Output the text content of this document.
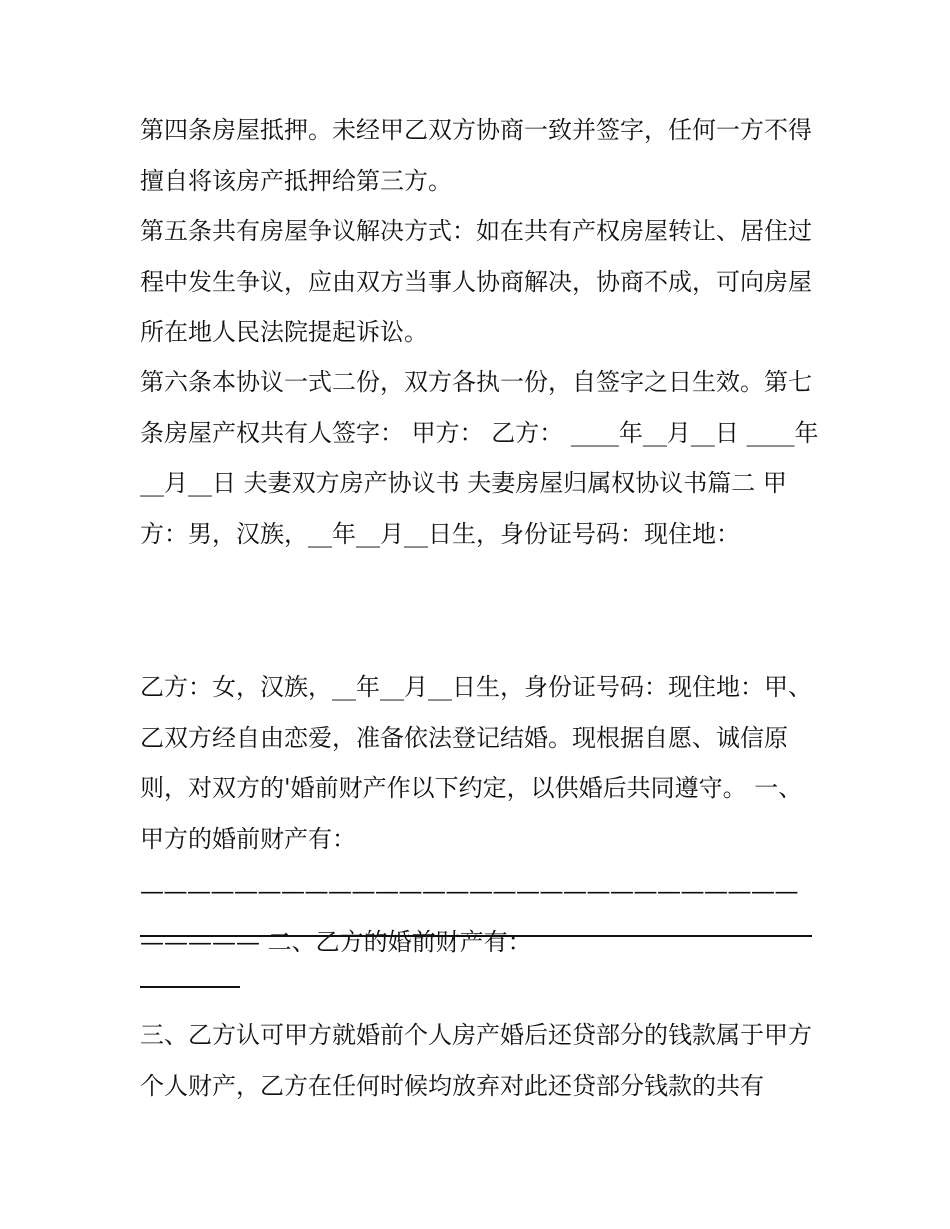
第四条房屋抵押。未经甲乙双方协商一致并签字，任何一方不得擅自将该房产抵押给第三方。

第五条共有房屋争议解决方式：如在共有产权房屋转让、居住过程中发生争议，应由双方当事人协商解决，协商不成，可向房屋所在地人民法院提起诉讼。

第六条本协议一式二份，双方各执一份，自签字之日生效。第七条房屋产权共有人签字： 甲方： 乙方： ____年__月__日 ____年__月__日 夫妻双方房产协议书 夫妻房屋归属权协议书篇二 甲方：男，汉族，__年__月__日生，身份证号码：现住地：

乙方：女，汉族，__年__月__日生，身份证号码：现住地：甲、乙双方经自由恋爱，准备依法登记结婚。现根据自愿、诚信原则，对双方的'婚前财产作以下约定，以供婚后共同遵守。 一、甲方的婚前财产有：

————————————————————————————
————— 二、乙方的婚前财产有：

三、乙方认可甲方就婚前个人房产婚后还贷部分的钱款属于甲方个人财产，乙方在任何时候均放弃对此还贷部分钱款的共有
